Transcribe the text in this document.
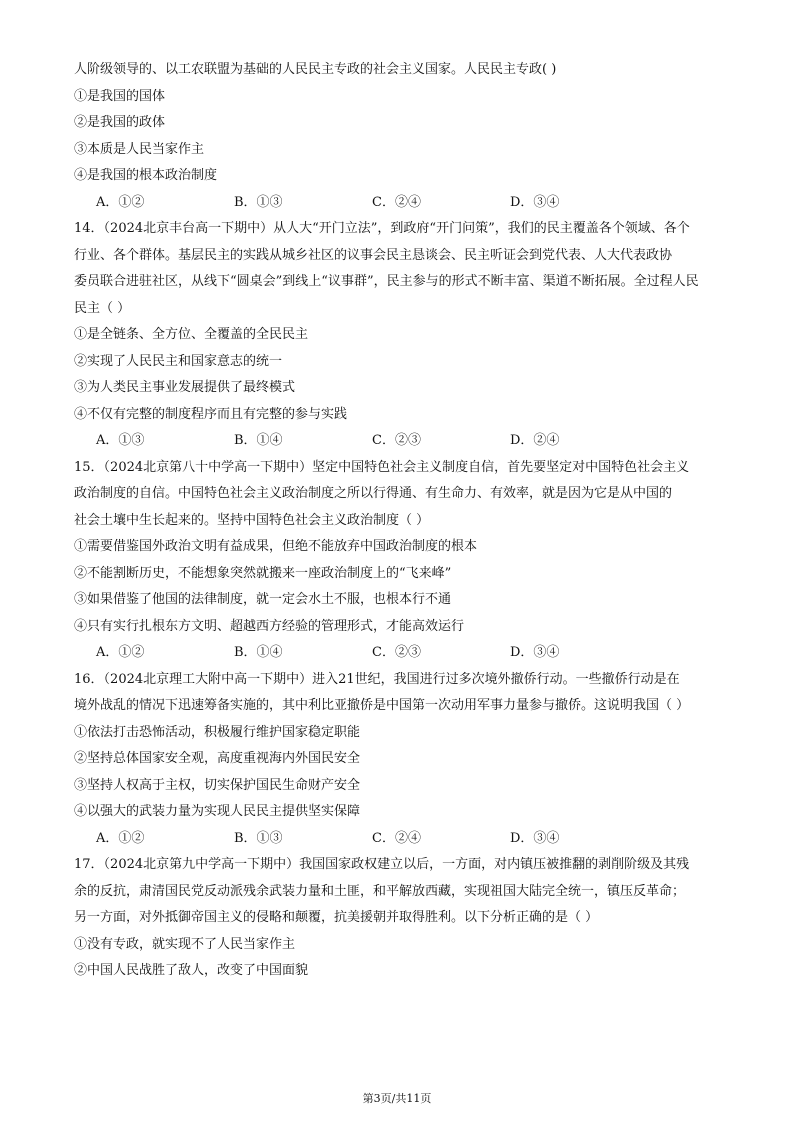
人阶级领导的、以工农联盟为基础的人民民主专政的社会主义国家。人民民主专政( )
①是我国的国体
②是我国的政体
③本质是人民当家作主
④是我国的根本政治制度
A．①②	B．①③	C．②④	D．③④
14．（2024北京丰台高一下期中）从人大“开门立法”，到政府“开门问策”，我们的民主覆盖各个领域、各个
行业、各个群体。基层民主的实践从城乡社区的议事会民主恳谈会、民主听证会到党代表、人大代表政协
委员联合进驻社区，从线下“圆桌会”到线上“议事群”，民主参与的形式不断丰富、渠道不断拓展。全过程人民
民主（ ）
①是全链条、全方位、全覆盖的全民民主
②实现了人民民主和国家意志的统一
③为人类民主事业发展提供了最终模式
④不仅有完整的制度程序而且有完整的参与实践
A．①③	B．①④	C．②③	D．②④
15．（2024北京第八十中学高一下期中）坚定中国特色社会主义制度自信，首先要坚定对中国特色社会主义
政治制度的自信。中国特色社会主义政治制度之所以行得通、有生命力、有效率，就是因为它是从中国的
社会土壤中生长起来的。坚持中国特色社会主义政治制度（ ）
①需要借鉴国外政治文明有益成果，但绝不能放弃中国政治制度的根本
②不能割断历史，不能想象突然就搬来一座政治制度上的“飞来峰”
③如果借鉴了他国的法律制度，就一定会水土不服，也根本行不通
④只有实行扎根东方文明、超越西方经验的管理形式，才能高效运行
A．①②	B．①④	C．②③	D．③④
16．（2024北京理工大附中高一下期中）进入21世纪，我国进行过多次境外撤侨行动。一些撤侨行动是在
境外战乱的情况下迅速筹备实施的，其中利比亚撤侨是中国第一次动用军事力量参与撤侨。这说明我国（ ）
①依法打击恐怖活动，积极履行维护国家稳定职能
②坚持总体国家安全观，高度重视海内外国民安全
③坚持人权高于主权，切实保护国民生命财产安全
④以强大的武装力量为实现人民民主提供坚实保障
A．①②	B．①③	C．②④	D．③④
17．（2024北京第九中学高一下期中）我国国家政权建立以后，一方面，对内镇压被推翻的剥削阶级及其残
余的反抗，肃清国民党反动派残余武装力量和土匪，和平解放西藏，实现祖国大陆完全统一，镇压反革命；
另一方面，对外抵御帝国主义的侵略和颠覆，抗美援朝并取得胜利。以下分析正确的是（ ）
①没有专政，就实现不了人民当家作主
②中国人民战胜了敌人，改变了中国面貌
第3页/共11页
